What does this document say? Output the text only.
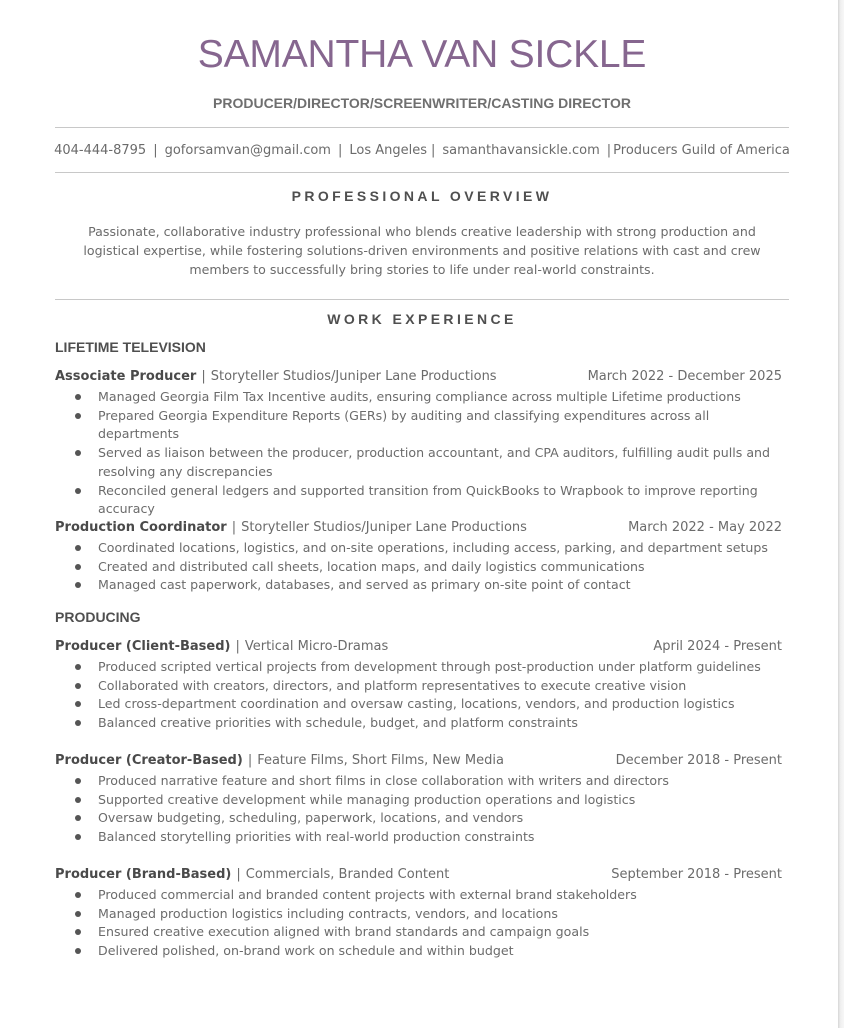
SAMANTHA VAN SICKLE
PRODUCER/DIRECTOR/SCREENWRITER/CASTING DIRECTOR
404-444-8795 | goforsamvan@gmail.com | Los Angeles | samanthavansickle.com | Producers Guild of America
PROFESSIONAL OVERVIEW
Passionate, collaborative industry professional who blends creative leadership with strong production and logistical expertise, while fostering solutions-driven environments and positive relations with cast and crew members to successfully bring stories to life under real-world constraints.
WORK EXPERIENCE
LIFETIME TELEVISION
Associate Producer | Storyteller Studios/Juniper Lane Productions	March 2022 - December 2025
Managed Georgia Film Tax Incentive audits, ensuring compliance across multiple Lifetime productions
Prepared Georgia Expenditure Reports (GERs) by auditing and classifying expenditures across all departments
Served as liaison between the producer, production accountant, and CPA auditors, fulfilling audit pulls and resolving any discrepancies
Reconciled general ledgers and supported transition from QuickBooks to Wrapbook to improve reporting accuracy
Production Coordinator | Storyteller Studios/Juniper Lane Productions	March 2022 - May 2022
Coordinated locations, logistics, and on-site operations, including access, parking, and department setups
Created and distributed call sheets, location maps, and daily logistics communications
Managed cast paperwork, databases, and served as primary on-site point of contact
PRODUCING
Producer (Client-Based) | Vertical Micro-Dramas	April 2024 - Present
Produced scripted vertical projects from development through post-production under platform guidelines
Collaborated with creators, directors, and platform representatives to execute creative vision
Led cross-department coordination and oversaw casting, locations, vendors, and production logistics
Balanced creative priorities with schedule, budget, and platform constraints
Producer (Creator-Based) | Feature Films, Short Films, New Media	December 2018 - Present
Produced narrative feature and short films in close collaboration with writers and directors
Supported creative development while managing production operations and logistics
Oversaw budgeting, scheduling, paperwork, locations, and vendors
Balanced storytelling priorities with real-world production constraints
Producer (Brand-Based) | Commercials, Branded Content	September 2018 - Present
Produced commercial and branded content projects with external brand stakeholders
Managed production logistics including contracts, vendors, and locations
Ensured creative execution aligned with brand standards and campaign goals
Delivered polished, on-brand work on schedule and within budget
